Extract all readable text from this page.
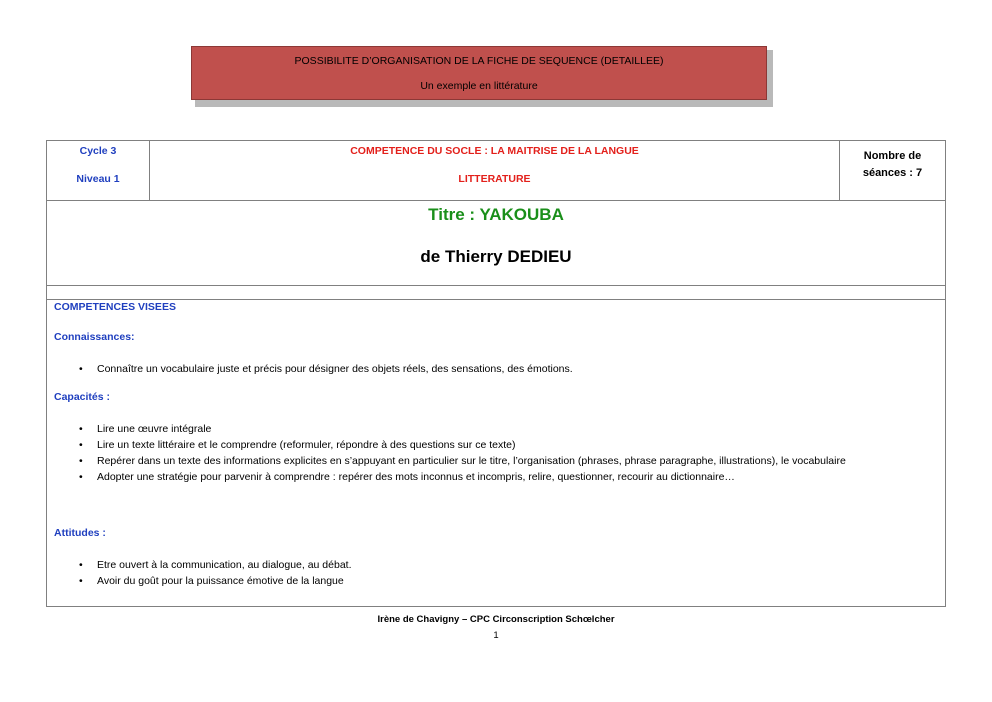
POSSIBILITE D’ORGANISATION DE LA FICHE DE SEQUENCE (DETAILLEE)
Un exemple en littérature
Cycle 3
Niveau 1
COMPETENCE DU SOCLE : LA MAITRISE DE LA LANGUE
LITTERATURE
Nombre de
séances : 7
Titre : YAKOUBA
de Thierry DEDIEU
COMPETENCES VISEES
Connaissances:
• Connaître un vocabulaire juste et précis pour désigner des objets réels, des sensations, des émotions.
Capacités :
• Lire une œuvre intégrale
• Lire un texte littéraire et le comprendre (reformuler, répondre à des questions sur ce texte)
• Repérer dans un texte des informations explicites en s’appuyant en particulier sur le titre, l’organisation (phrases, phrase paragraphe, illustrations), le vocabulaire
• Adopter une stratégie pour parvenir à comprendre : repérer des mots inconnus et incompris, relire, questionner, recourir au dictionnaire…
Attitudes :
• Etre ouvert à la communication, au dialogue, au débat.
• Avoir du goût pour la puissance émotive de la langue
Irène de Chavigny – CPC Circonscription Schœlcher
1
